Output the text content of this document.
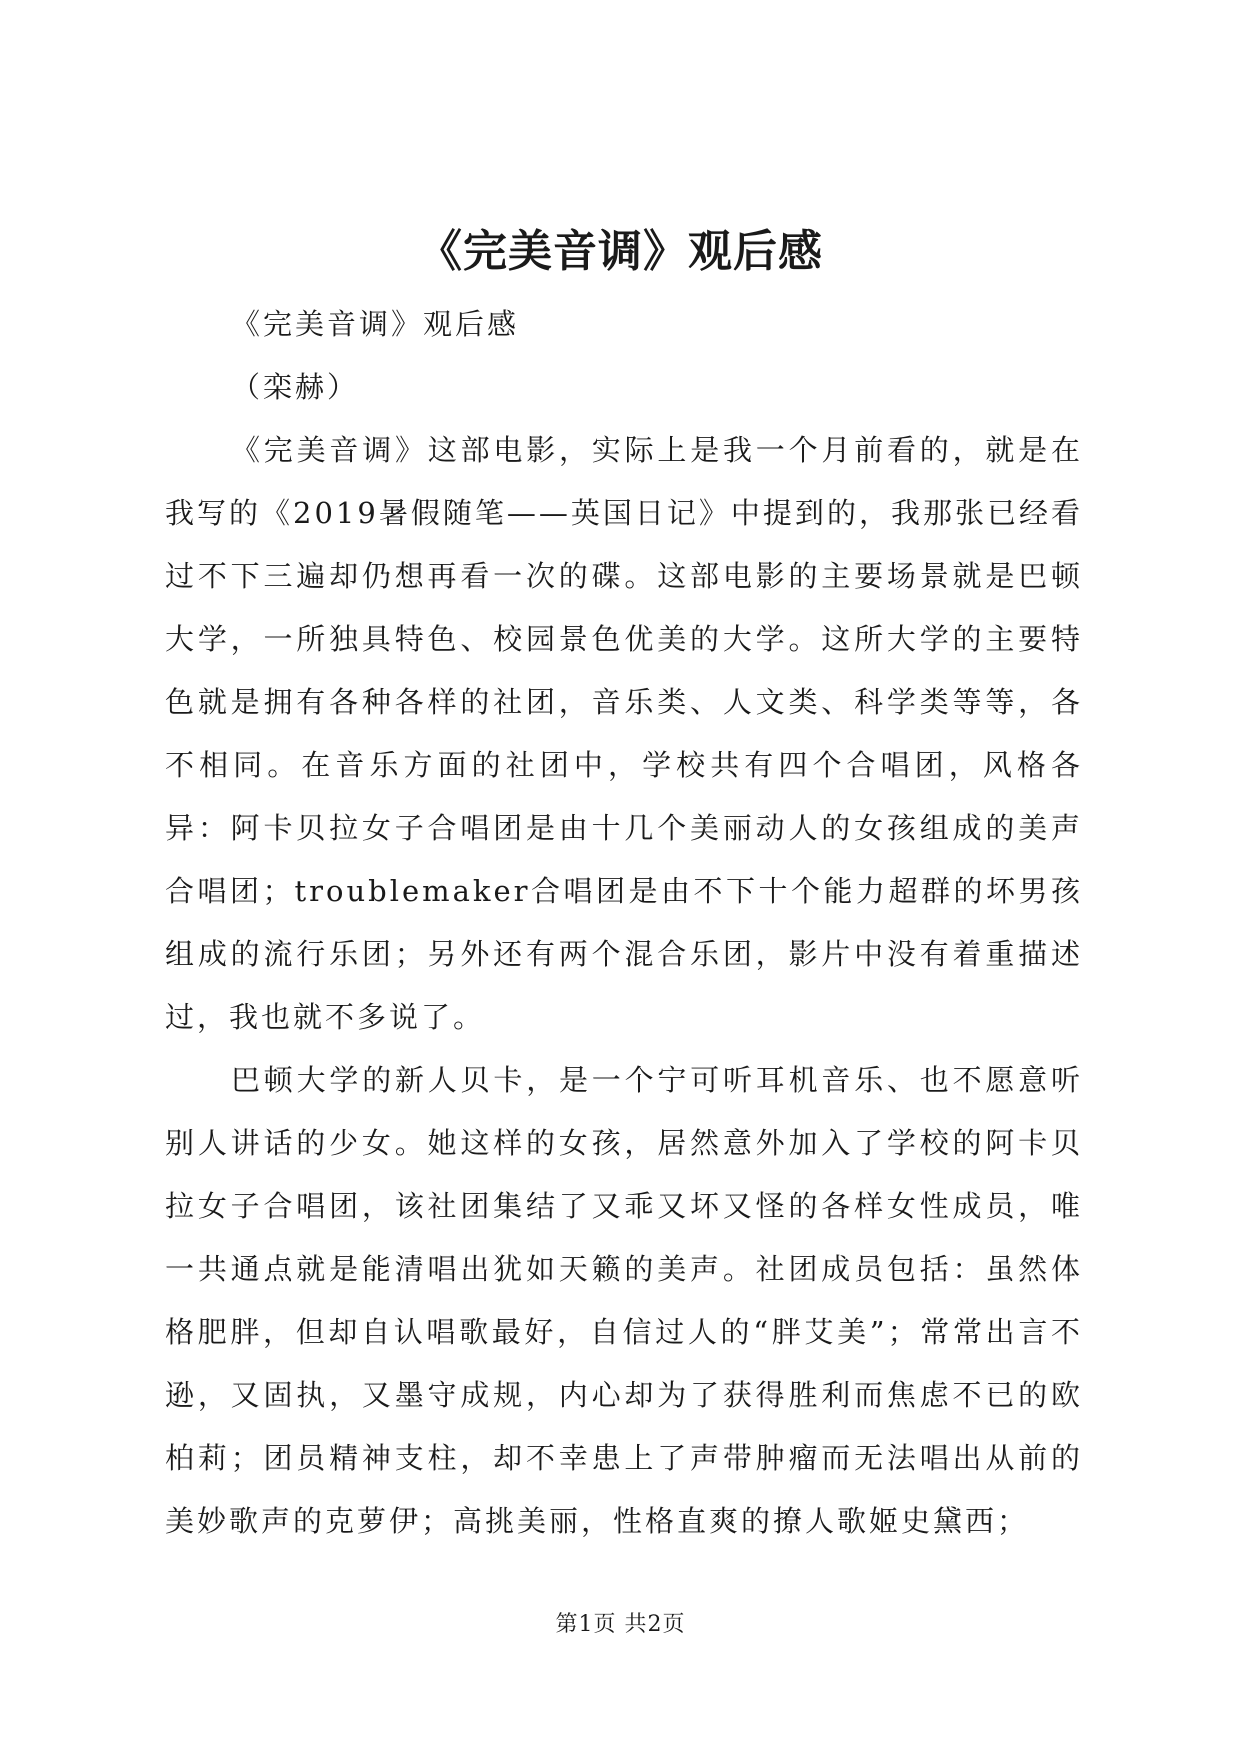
《完美音调》观后感

《完美音调》观后感

（栾赫）

《完美音调》这部电影，实际上是我一个月前看的，就是在我写的《2019暑假随笔——英国日记》中提到的，我那张已经看过不下三遍却仍想再看一次的碟。这部电影的主要场景就是巴顿大学，一所独具特色、校园景色优美的大学。这所大学的主要特色就是拥有各种各样的社团，音乐类、人文类、科学类等等，各不相同。在音乐方面的社团中，学校共有四个合唱团，风格各异：阿卡贝拉女子合唱团是由十几个美丽动人的女孩组成的美声合唱团；troublemaker合唱团是由不下十个能力超群的坏男孩组成的流行乐团；另外还有两个混合乐团，影片中没有着重描述过，我也就不多说了。

巴顿大学的新人贝卡，是一个宁可听耳机音乐、也不愿意听别人讲话的少女。她这样的女孩，居然意外加入了学校的阿卡贝拉女子合唱团，该社团集结了又乖又坏又怪的各样女性成员，唯一共通点就是能清唱出犹如天籁的美声。社团成员包括：虽然体格肥胖，但却自认唱歌最好，自信过人的“胖艾美”；常常出言不逊，又固执，又墨守成规，内心却为了获得胜利而焦虑不已的欧柏莉；团员精神支柱，却不幸患上了声带肿瘤而无法唱出从前的美妙歌声的克萝伊；高挑美丽，性格直爽的撩人歌姬史黛西；

第1页 共2页
